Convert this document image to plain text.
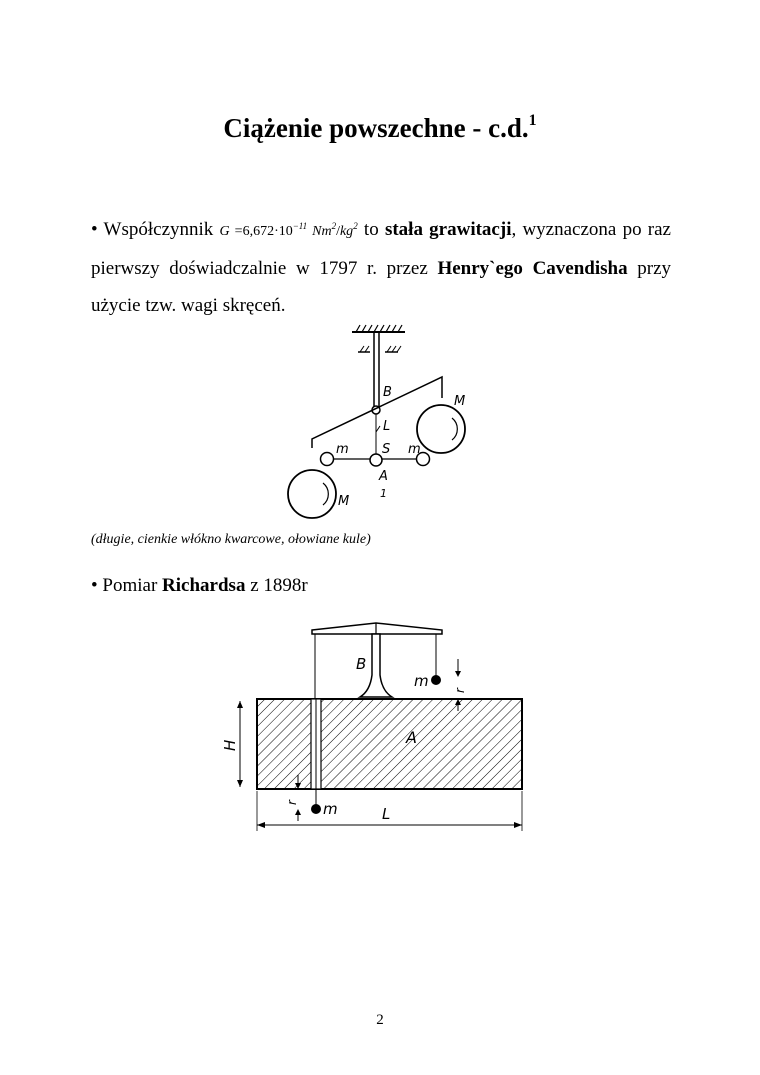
Ciążenie powszechne - c.d.$^1$
• Współczynnik $G =6,672\cdot 10^{-11}$ $Nm^2/kg^2$ to stała grawitacji, wyznaczona po raz pierwszy doświadczalnie w 1797 r. przez Henry`ego Cavendisha przy użycie tzw. wagi skręceń.
B
M
L
m	S m
A
M
1
(długie, cienkie włókno kwarcowe, ołowiane kule)
• Pomiar Richardsa z 1898r
B
m
r
H	A
r m	L
2
